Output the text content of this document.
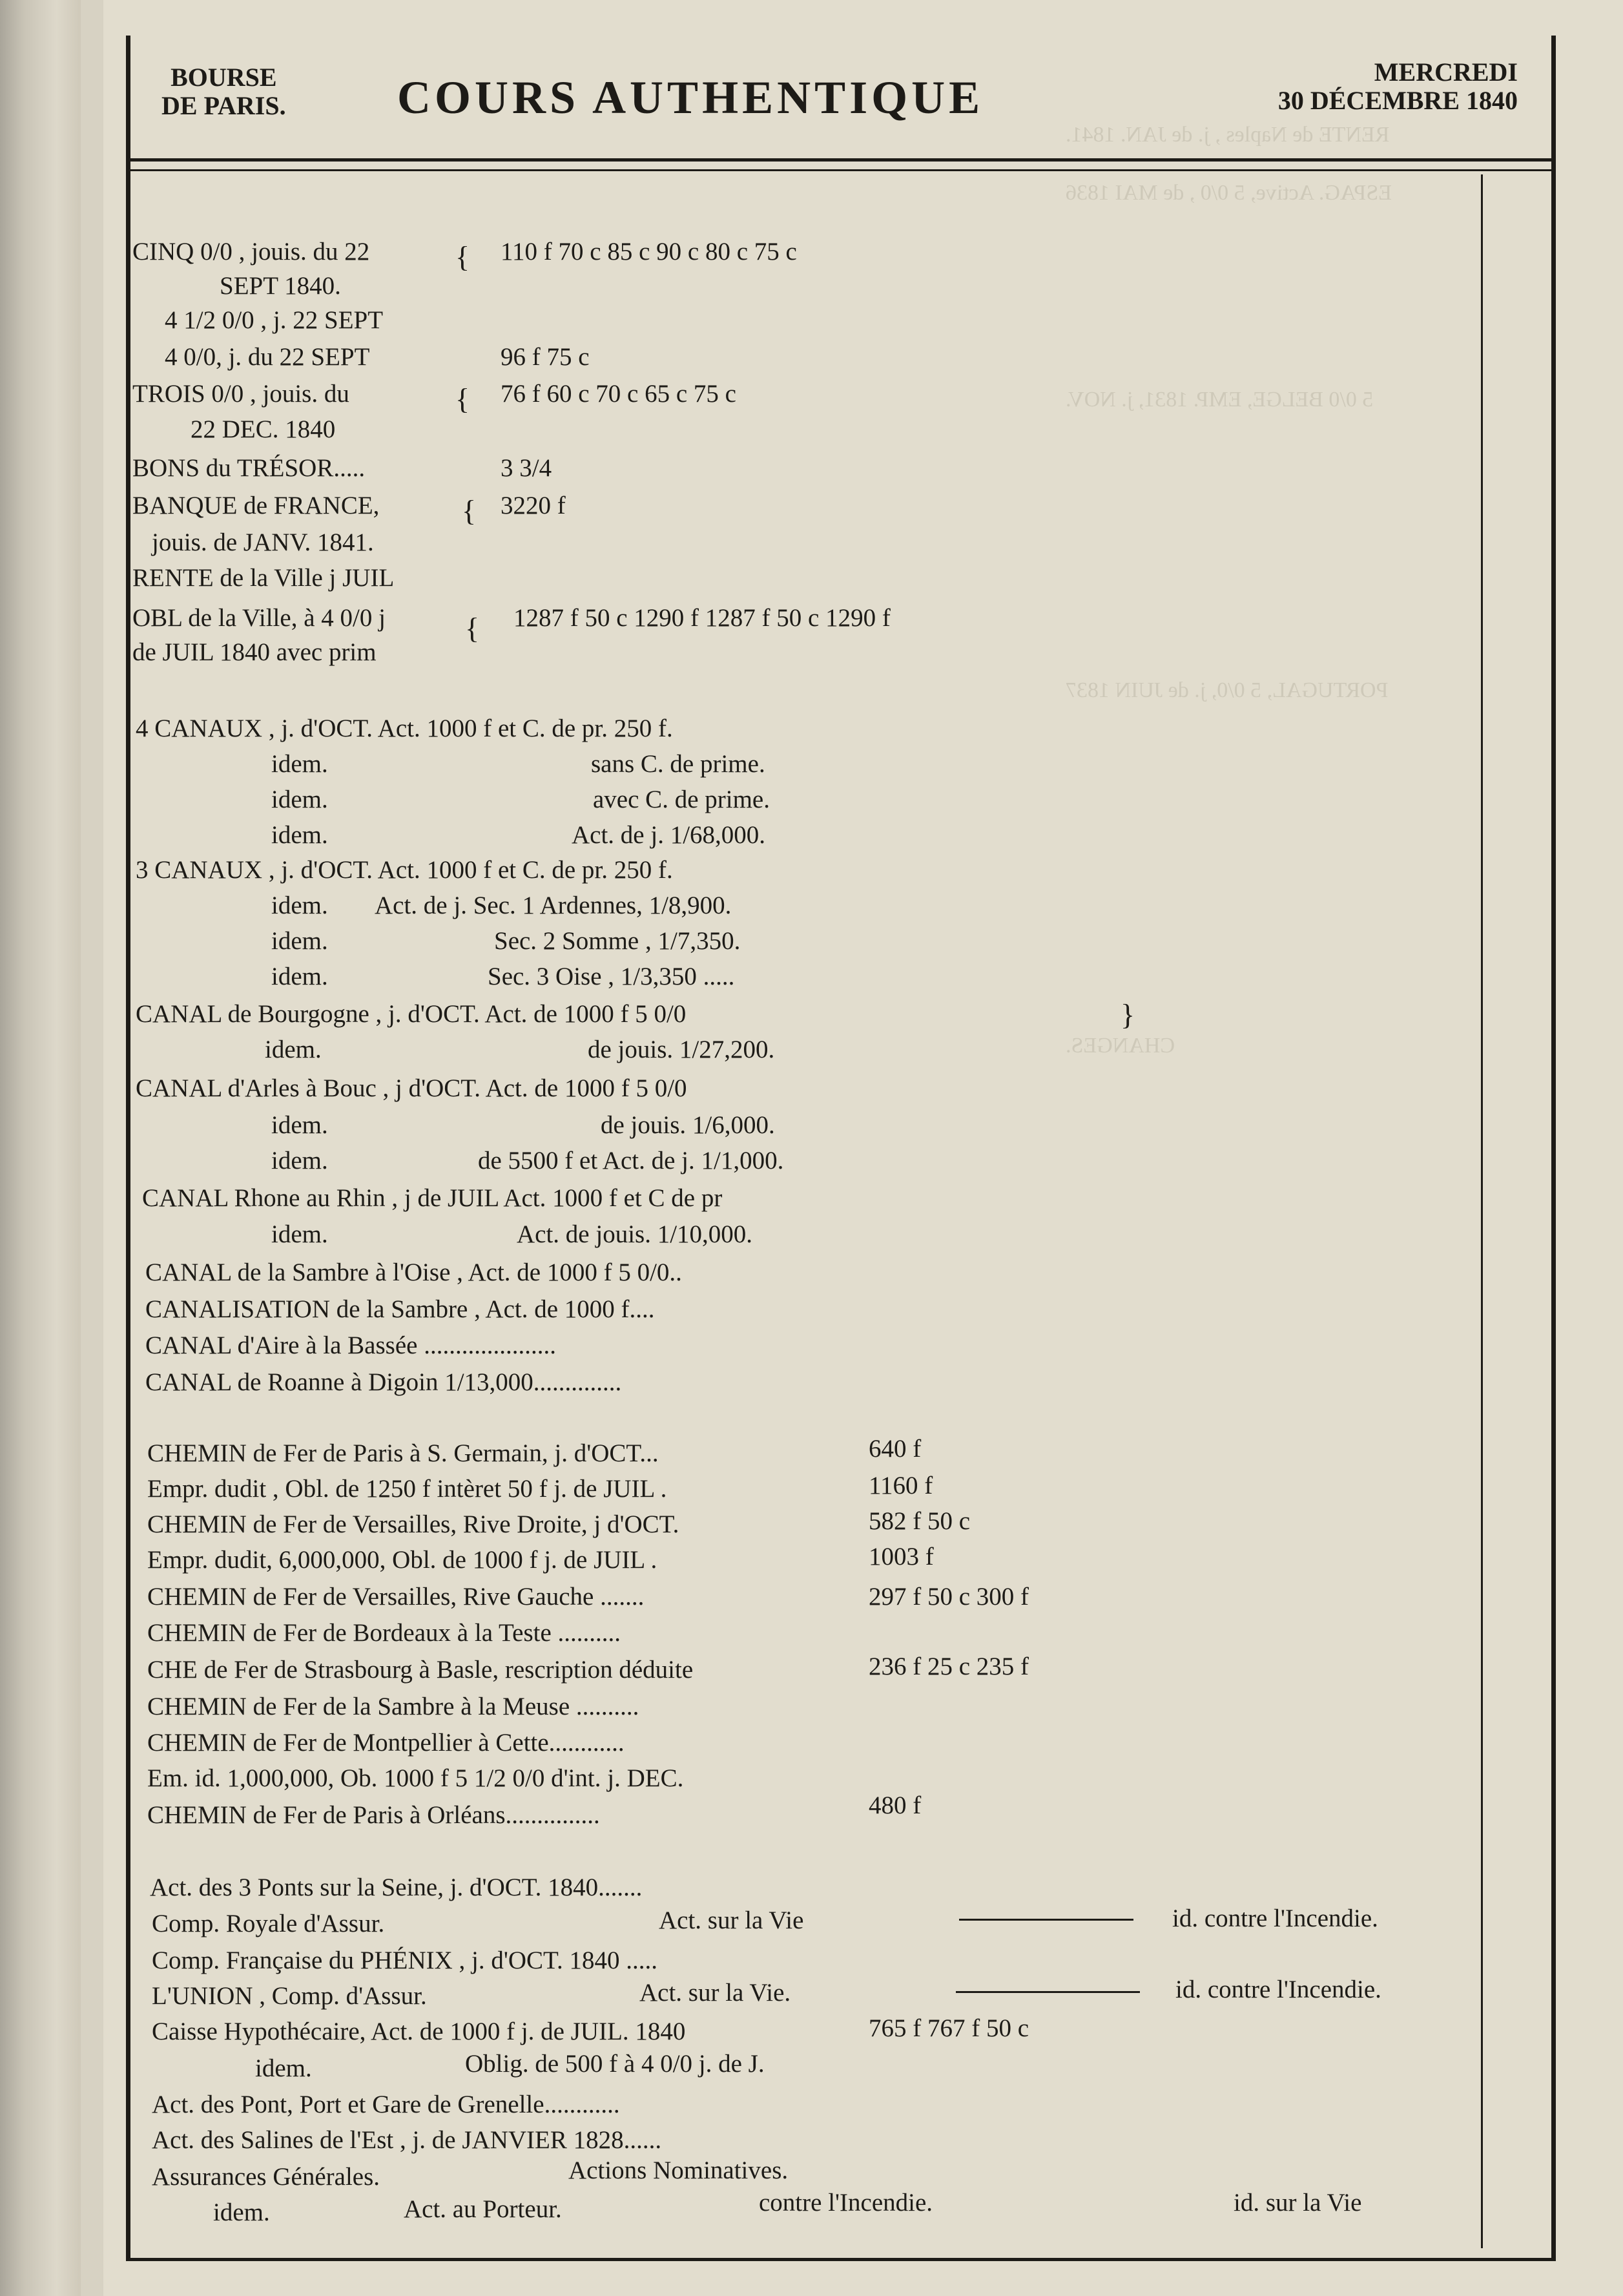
RENTE de Naples , j. de JAN. 1841.
ESPAG. Active, 5 0/0 , de MAI 1836
5 0/0 BELGE, EMP. 1831, j. NOV.
PORTUGAL, 5 0/0, j. de JUIN 1837
CHANGES.
BOURSE
DE PARIS. COURS AUTHENTIQUE	MERCREDI
30 DÉCEMBRE 1840
CINQ 0/0 , jouis. du 22	110 f 70 c 85 c 90 c 80 c 75 c
SEPT 1840.
{
4 1/2 0/0 , j. 22 SEPT
4 0/0, j. du 22 SEPT	96 f 75 c
TROIS 0/0 , jouis. du	76 f 60 c 70 c 65 c 75 c
{
22 DEC. 1840
BONS du TRÉSOR.....	3 3/4
BANQUE de FRANCE,	3220 f
{
jouis. de JANV. 1841.
RENTE de la Ville j JUIL
OBL de la Ville, à 4 0/0 j	1287 f 50 c 1290 f 1287 f 50 c 1290 f
{
de JUIL 1840 avec prim
4 CANAUX , j. d'OCT. Act. 1000 f et C. de pr. 250 f.
idem.	sans C. de prime.
idem.	avec C. de prime.
idem.	Act. de j. 1/68,000.
3 CANAUX , j. d'OCT. Act. 1000 f et C. de pr. 250 f.
idem. Act. de j. Sec. 1 Ardennes, 1/8,900.
idem.	Sec. 2 Somme , 1/7,350.
idem.	Sec. 3 Oise , 1/3,350 .....
CANAL de Bourgogne , j. d'OCT. Act. de 1000 f 5 0/0
idem.	de jouis. 1/27,200.
CANAL d'Arles à Bouc , j d'OCT. Act. de 1000 f 5 0/0
idem.	de jouis. 1/6,000.
idem.	de 5500 f et Act. de j. 1/1,000.
CANAL Rhone au Rhin , j de JUIL Act. 1000 f et C de pr
idem.	Act. de jouis. 1/10,000.
CANAL de la Sambre à l'Oise , Act. de 1000 f 5 0/0..
CANALISATION de la Sambre , Act. de 1000 f....
CANAL d'Aire à la Bassée .....................
CANAL de Roanne à Digoin 1/13,000..............
}
CHEMIN de Fer de Paris à S. Germain, j. d'OCT...	640 f
Empr. dudit , Obl. de 1250 f intèret 50 f j. de JUIL .	1160 f
CHEMIN de Fer de Versailles, Rive Droite, j d'OCT.	582 f 50 c
Empr. dudit, 6,000,000, Obl. de 1000 f j. de JUIL .	1003 f
CHEMIN de Fer de Versailles, Rive Gauche .......	297 f 50 c 300 f
CHEMIN de Fer de Bordeaux à la Teste ..........
CHE de Fer de Strasbourg à Basle, rescription déduite	236 f 25 c 235 f
CHEMIN de Fer de la Sambre à la Meuse ..........
CHEMIN de Fer de Montpellier à Cette............
Em. id. 1,000,000, Ob. 1000 f 5 1/2 0/0 d'int. j. DEC.
CHEMIN de Fer de Paris à Orléans...............	480 f
Act. des 3 Ponts sur la Seine, j. d'OCT. 1840.......
Comp. Royale d'Assur.	Act. sur la Vie	id. contre l'Incendie.
Comp. Française du PHÉNIX , j. d'OCT. 1840 .....
L'UNION , Comp. d'Assur.	Act. sur la Vie.	id. contre l'Incendie.
Caisse Hypothécaire, Act. de 1000 f j. de JUIL. 1840	765 f 767 f 50 c
idem.	Oblig. de 500 f à 4 0/0 j. de J.
Act. des Pont, Port et Gare de Grenelle............
Act. des Salines de l'Est , j. de JANVIER 1828......
Assurances Générales.	Actions Nominatives.
idem.	Act. au Porteur.	contre l'Incendie.	id. sur la Vie
